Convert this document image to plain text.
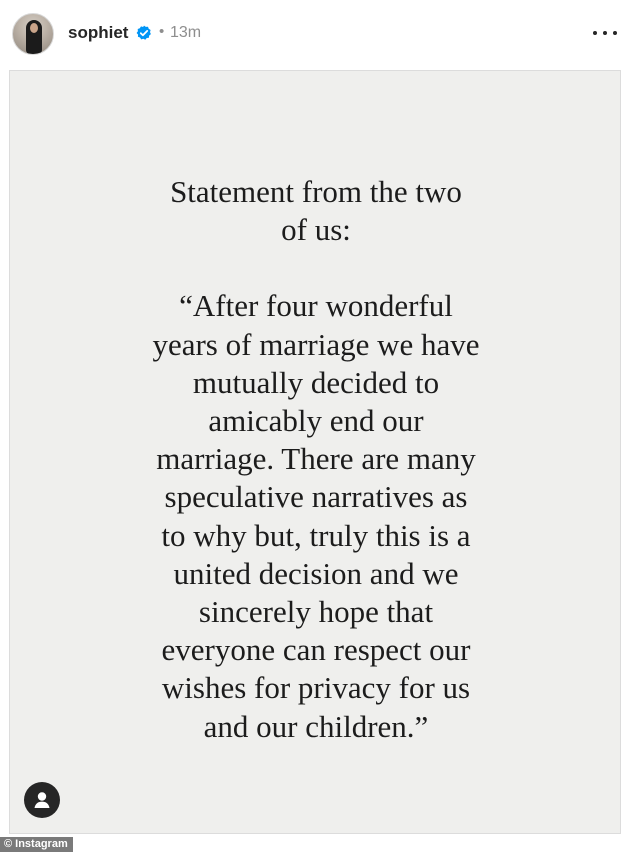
sophiet • 13m
Statement from the two
of us:
“After four wonderful
years of marriage we have
mutually decided to
amicably end our
marriage. There are many
speculative narratives as
to why but, truly this is a
united decision and we
sincerely hope that
everyone can respect our
wishes for privacy for us
and our children.”
© Instagram
